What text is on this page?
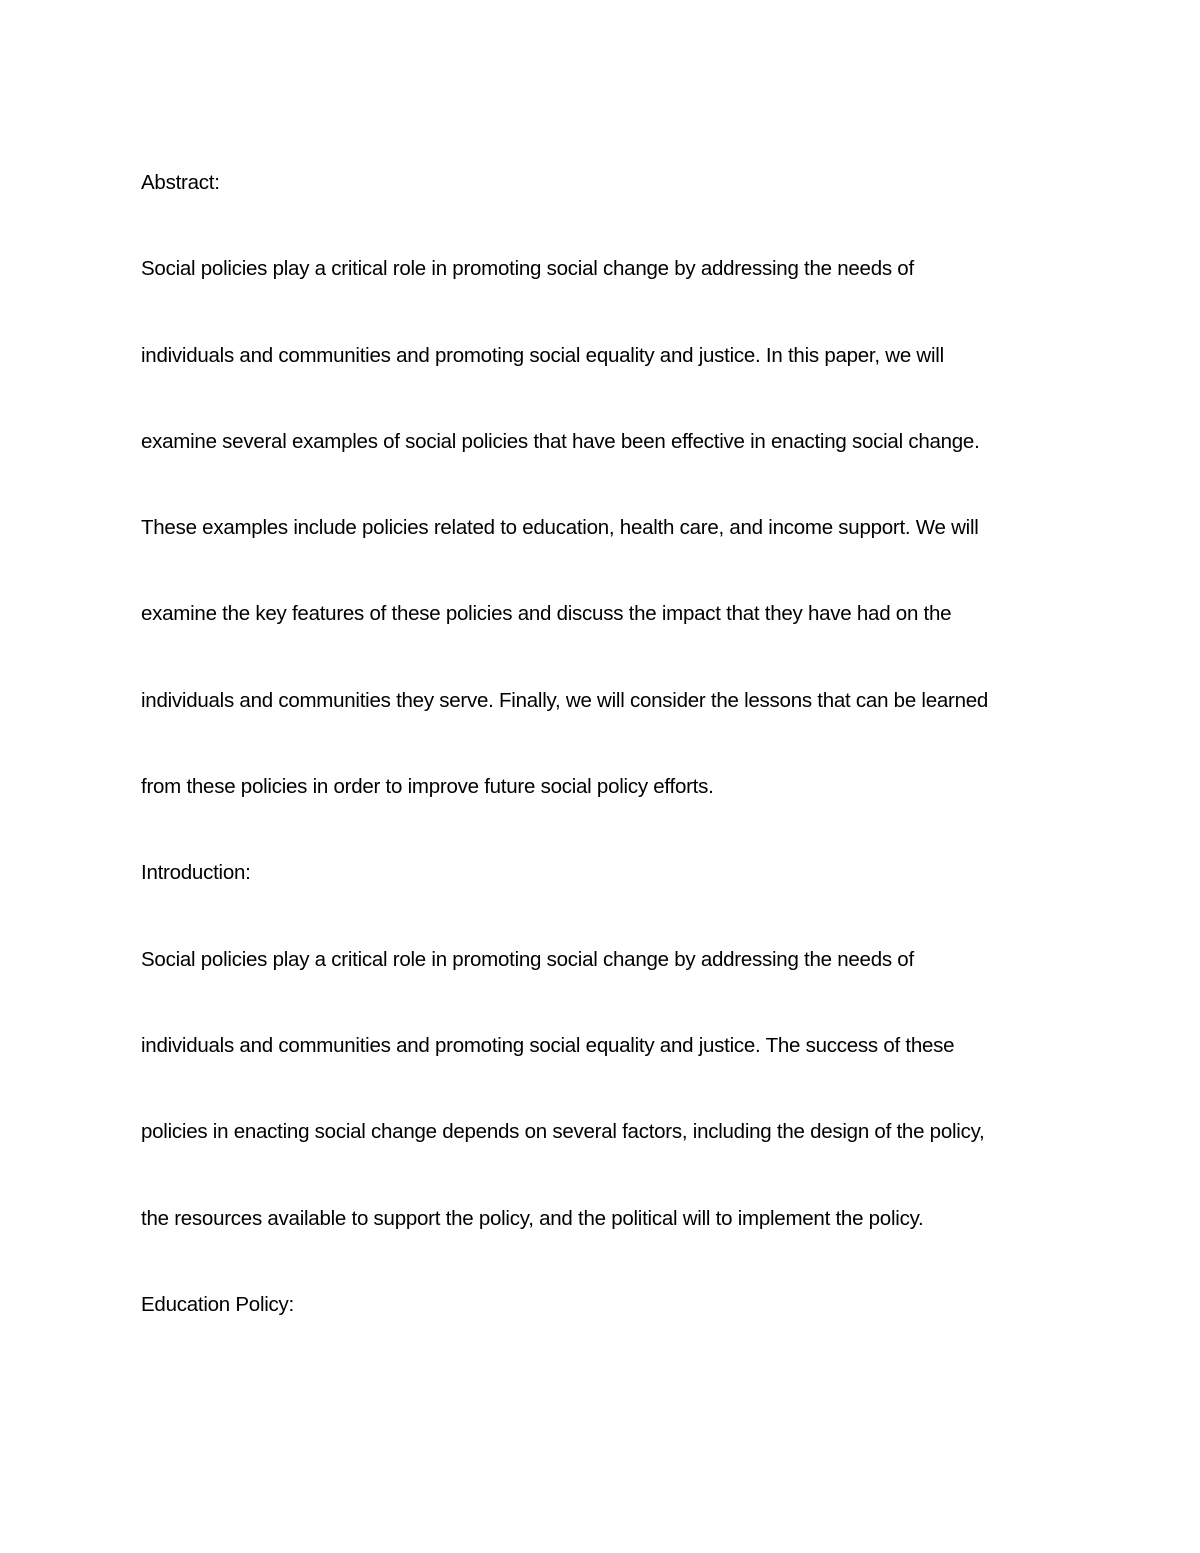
Abstract:

Social policies play a critical role in promoting social change by addressing the needs of

individuals and communities and promoting social equality and justice. In this paper, we will

examine several examples of social policies that have been effective in enacting social change.

These examples include policies related to education, health care, and income support. We will

examine the key features of these policies and discuss the impact that they have had on the

individuals and communities they serve. Finally, we will consider the lessons that can be learned

from these policies in order to improve future social policy efforts.

Introduction:

Social policies play a critical role in promoting social change by addressing the needs of

individuals and communities and promoting social equality and justice. The success of these

policies in enacting social change depends on several factors, including the design of the policy,

the resources available to support the policy, and the political will to implement the policy.

Education Policy:
